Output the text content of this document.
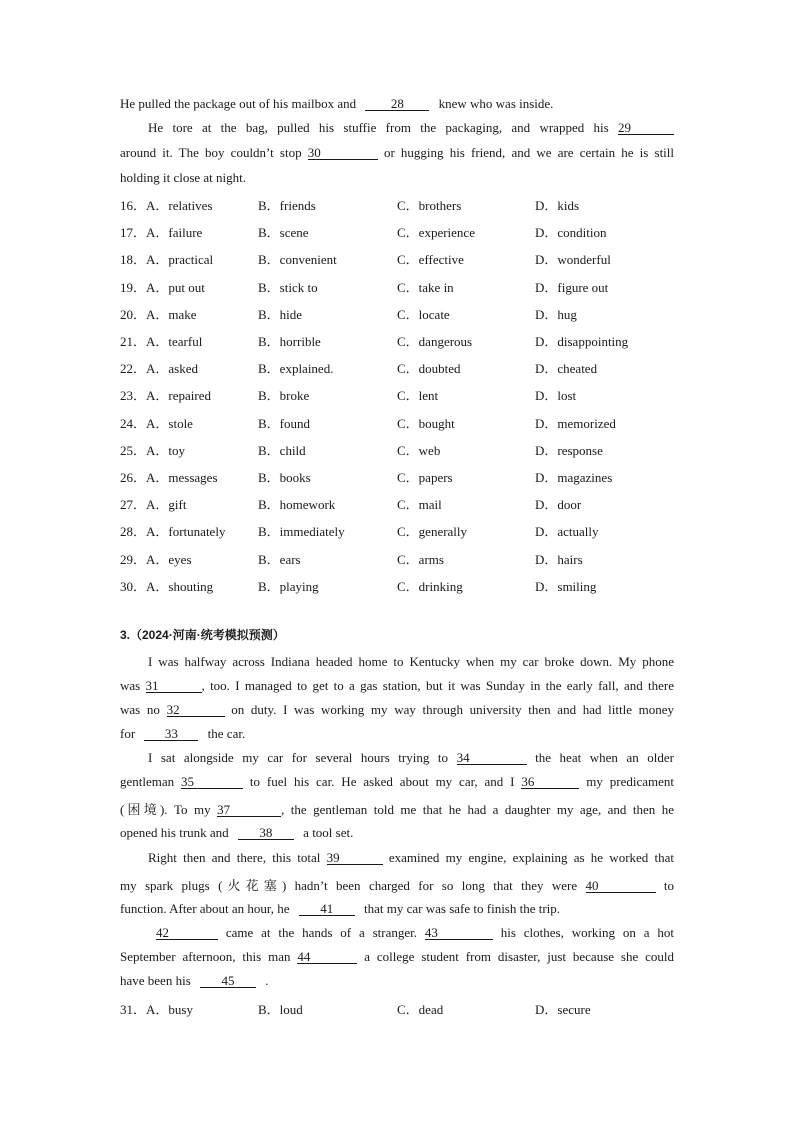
He pulled the package out of his mailbox and	28	knew who was inside.
He tore at the bag, pulled his stuffie from the packaging, and wrapped his 29
around it. The boy couldn’t stop 30	or hugging his friend, and we are certain he is still
holding it close at night.
16．A．relatives	B．friends	C．brothers	D．kids
17．A．failure	B．scene	C．experience	D．condition
18．A．practical	B．convenient	C．effective	D．wonderful
19．A．put out	B．stick to	C．take in	D．figure out
20．A．make	B．hide	C．locate	D．hug
21．A．tearful	B．horrible	C．dangerous	D．disappointing
22．A．asked	B．explained.	C．doubted	D．cheated
23．A．repaired	B．broke	C．lent	D．lost
24．A．stole	B．found	C．bought	D．memorized
25．A．toy	B．child	C．web	D．response
26．A．messages	B．books	C．papers	D．magazines
27．A．gift	B．homework	C．mail	D．door
28．A．fortunately	B．immediately	C．generally	D．actually
29．A．eyes	B．ears	C．arms	D．hairs
30．A．shouting	B．playing	C．drinking	D．smiling
3.（2024·河南·统考模拟预测）
I was halfway across Indiana headed home to Kentucky when my car broke down. My phone
was 31	, too. I managed to get to a gas station, but it was Sunday in the early fall, and there
was no 32	on duty. I was working my way through university then and had little money
for 33 the car.
I sat alongside my car for several hours trying to 34	the heat when an older
gentleman 35	to fuel his car. He asked about my car, and I 36	my predicament
(困境). To my 37	, the gentleman told me that he had a daughter my age, and then he
opened his trunk and 38 a tool set.
Right then and there, this total 39	examined my engine, explaining as he worked that
my spark plugs (火花塞) hadn’t been charged for so long that they were 40	to
function. After about an hour, he 41 that my car was safe to finish the trip.
42	came at the hands of a stranger. 43	his clothes, working on a hot
September afternoon, this man 44	a college student from disaster, just because she could
have been his 45 .
31．A．busy	B．loud	C．dead	D．secure
